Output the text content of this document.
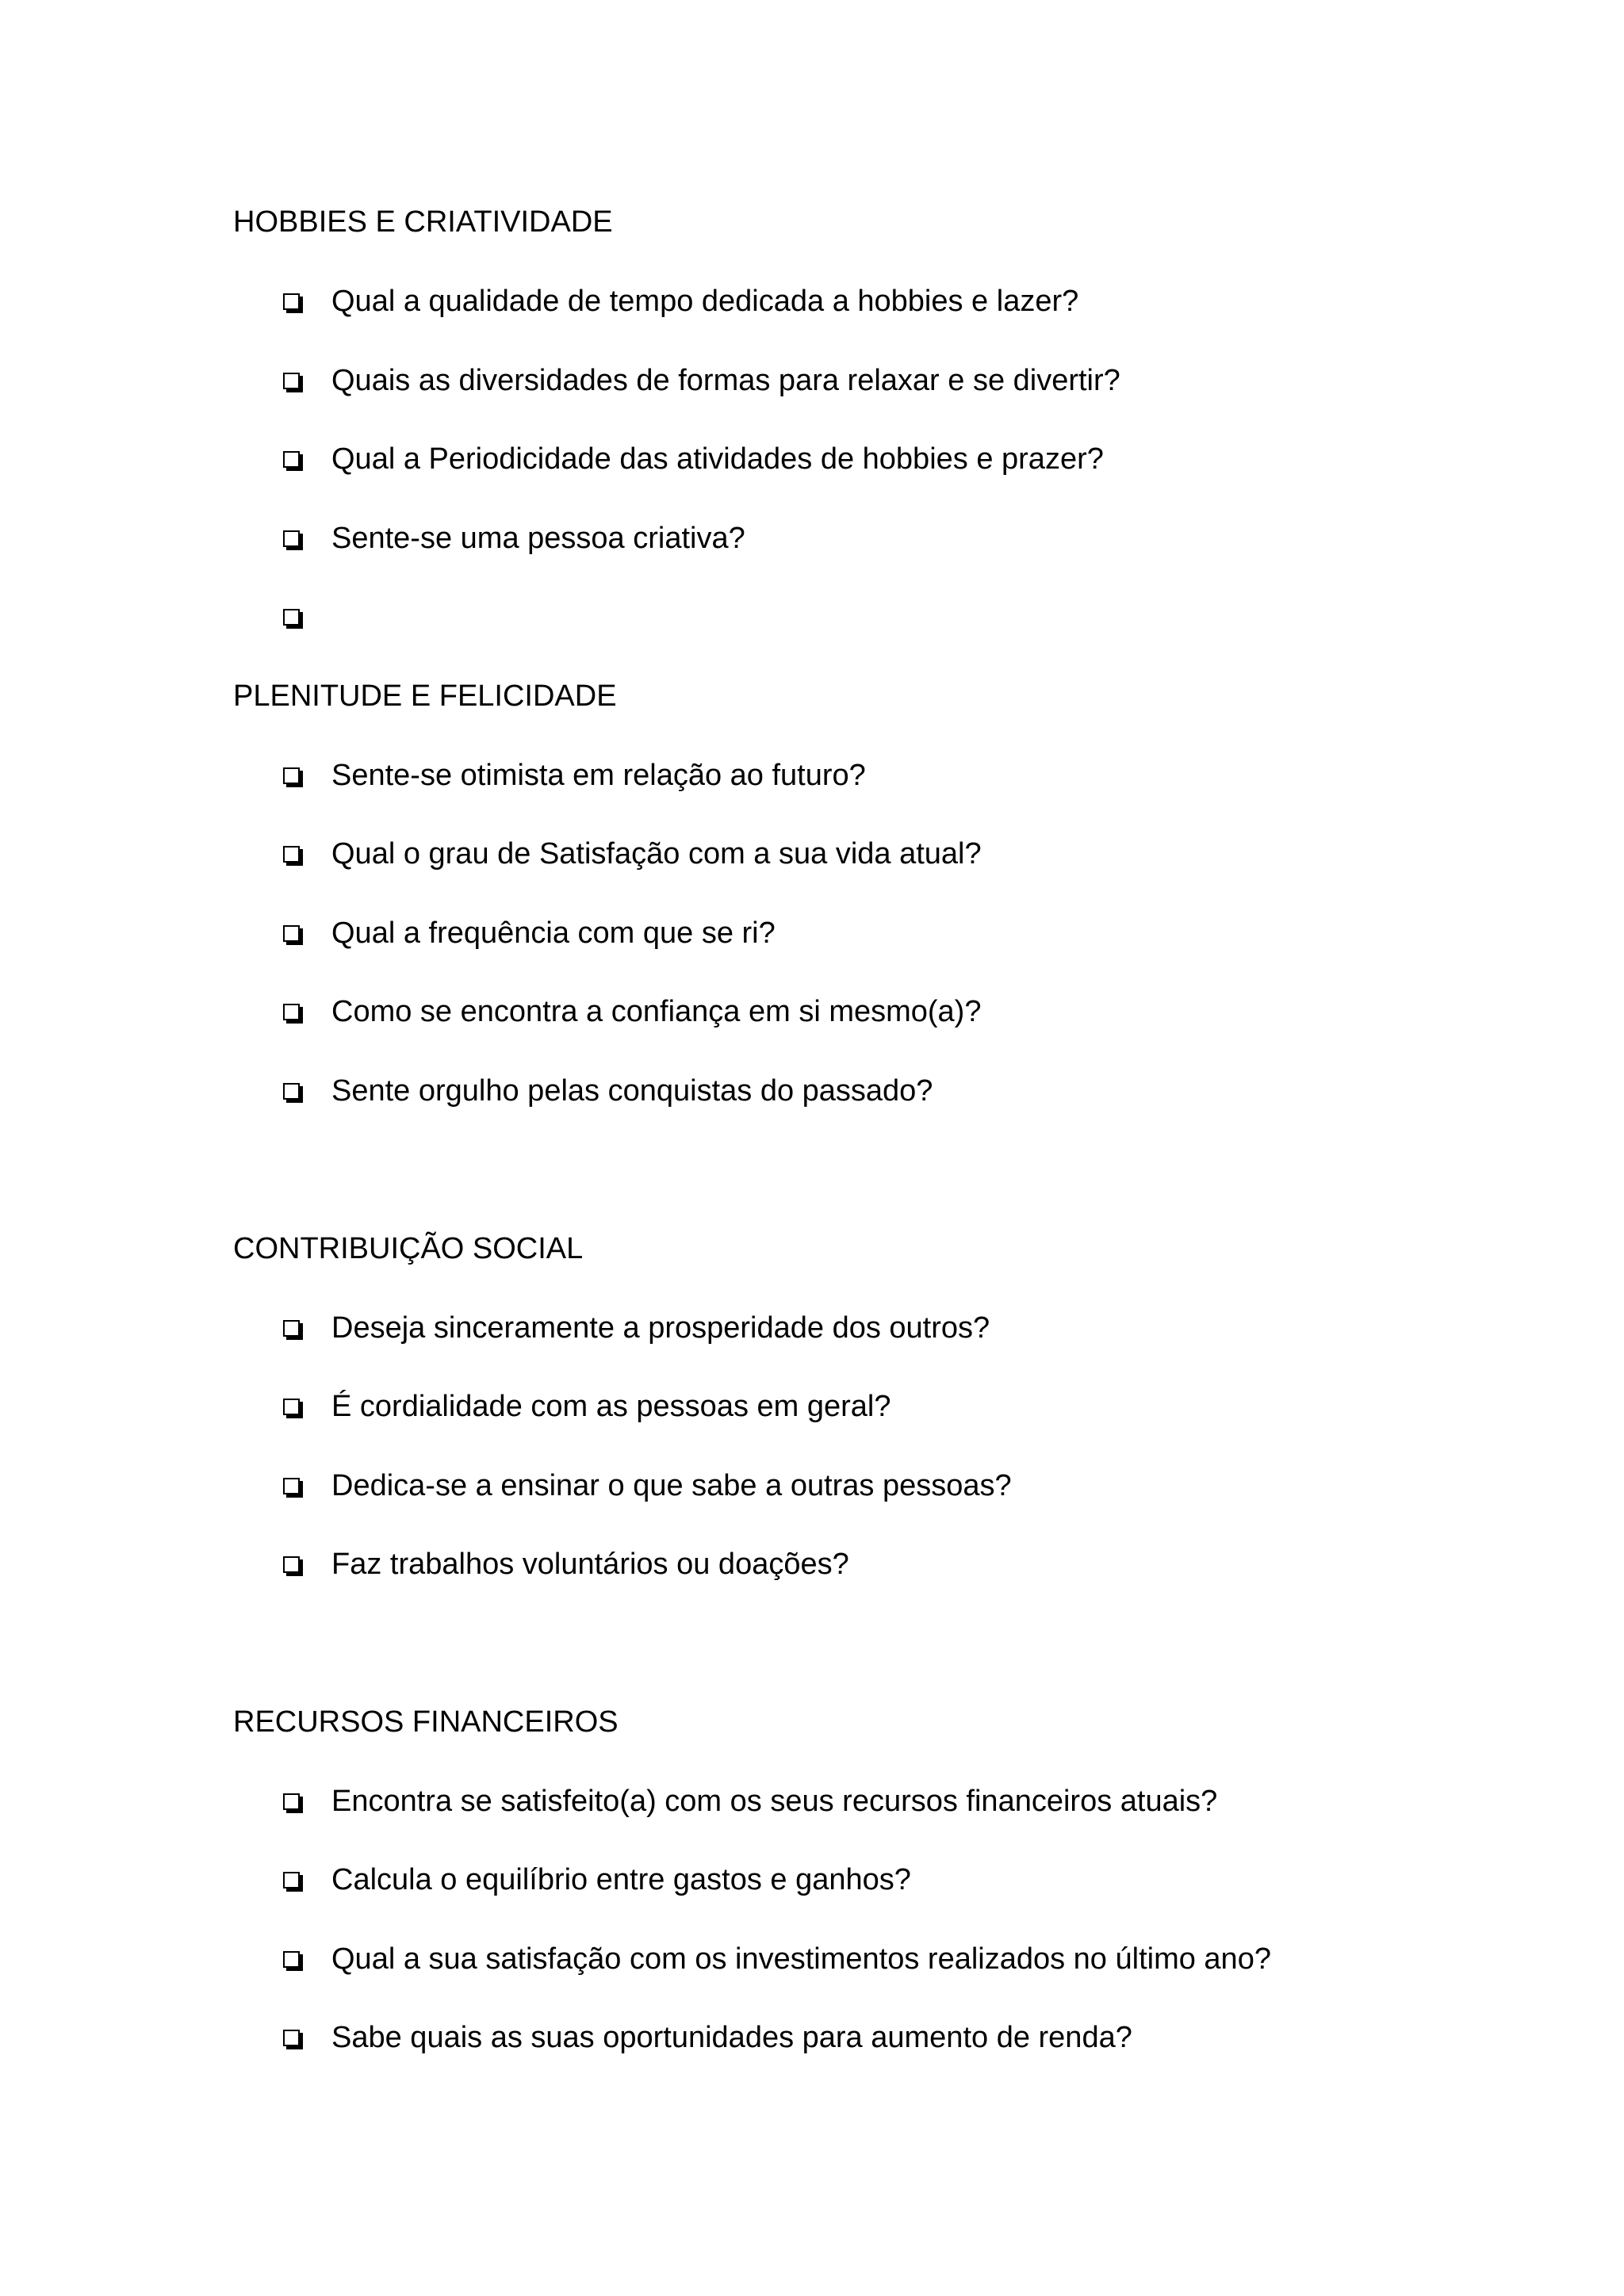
HOBBIES E CRIATIVIDADE
Qual a qualidade de tempo dedicada a hobbies e lazer?
Quais as diversidades de formas para relaxar e se divertir?
Qual a Periodicidade das atividades de hobbies e prazer?
Sente-se uma pessoa criativa?
PLENITUDE E FELICIDADE
Sente-se otimista em relação ao futuro?
Qual o grau de Satisfação com a sua vida atual?
Qual a frequência com que se ri?
Como se encontra a confiança em si mesmo(a)?
Sente orgulho pelas conquistas do passado?
CONTRIBUIÇÃO SOCIAL
Deseja sinceramente a prosperidade dos outros?
É cordialidade com as pessoas em geral?
Dedica-se a ensinar o que sabe a outras pessoas?
Faz trabalhos voluntários ou doações?
RECURSOS FINANCEIROS
Encontra se satisfeito(a) com os seus recursos financeiros atuais?
Calcula o equilíbrio entre gastos e ganhos?
Qual a sua satisfação com os investimentos realizados no último ano?
Sabe quais as suas oportunidades para aumento de renda?
